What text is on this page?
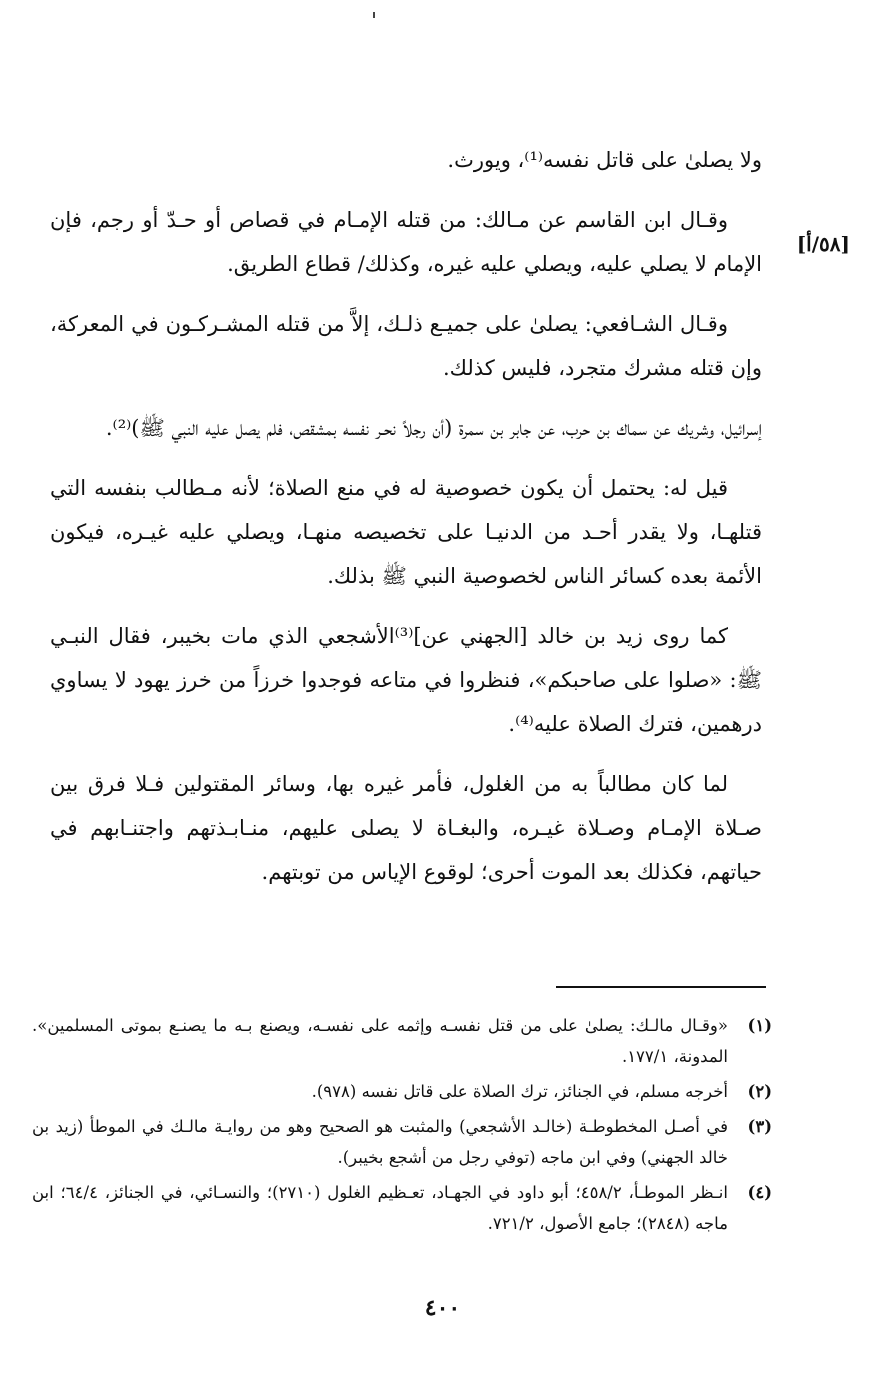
[٥٨/أ]

ولا يصلىٰ على قاتل نفسه⁽¹⁾، ويورث.

وقـال ابن القاسم عن مـالك: من قتله الإمـام في قصاص أو حـدّ أو رجم، فإن الإمام لا يصلي عليه، ويصلي عليه غيره، وكذلك/ قطاع الطريق.

وقـال الشـافعي: يصلىٰ على جميـع ذلـك، إلاَّ من قتله المشـركـون في المعركة، وإن قتله مشرك متجرد، فليس كذلك.

إسرائيل، وشريك عن سماك بن حرب، عن جابر بن سمرة (أن رجلاً نحـر نفسه بمشقص، فلم يصل عليه النبي ﷺ)⁽²⁾.

قيل له: يحتمل أن يكون خصوصية له في منع الصلاة؛ لأنه مـطالب بنفسه التي قتلهـا، ولا يقدر أحـد من الدنيـا على تخصيصه منهـا، ويصلي عليه غيـره، فيكون الأئمة بعده كسائر الناس لخصوصية النبي ﷺ بذلك.

كما روى زيد بن خالد [الجهني عن]⁽³⁾الأشجعي الذي مات بخيبر، فقال النبـي ﷺ: «صلوا على صاحبكم»، فنظروا في متاعه فوجدوا خرزاً من خرز يهود لا يساوي درهمين، فترك الصلاة عليه⁽⁴⁾.

لما كان مطالباً به من الغلول، فأمر غيره بها، وسائر المقتولين فـلا فرق بين صـلاة الإمـام وصـلاة غيـره، والبغـاة لا يصلى عليهم، منـابـذتهم واجتنـابهم في حياتهم، فكذلك بعد الموت أحرى؛ لوقوع الإياس من توبتهم.

(١)
«وقـال مالـك: يصلىٰ على من قتل نفسـه وإثمه على نفسـه، ويصنع بـه ما يصنـع بموتى المسلمين». المدونة، ١٧٧/١.
(٢)
أخرجه مسلم، في الجنائز، ترك الصلاة على قاتل نفسه (٩٧٨).
(٣)
في أصـل المخطوطـة (خالـد الأشجعي) والمثبت هو الصحيح وهو من روايـة مالـك في الموطأ (زيد بن خالد الجهني) وفي ابن ماجه (توفي رجل من أشجع بخيبر).
(٤)
انـظر الموطـأ، ٤٥٨/٢؛ أبو داود في الجهـاد، تعـظيم الغلول (٢٧١٠)؛ والنسـائي، في الجنائز، ٦٤/٤؛ ابن ماجه (٢٨٤٨)؛ جامع الأصول، ٧٢١/٢.
٤٠٠
